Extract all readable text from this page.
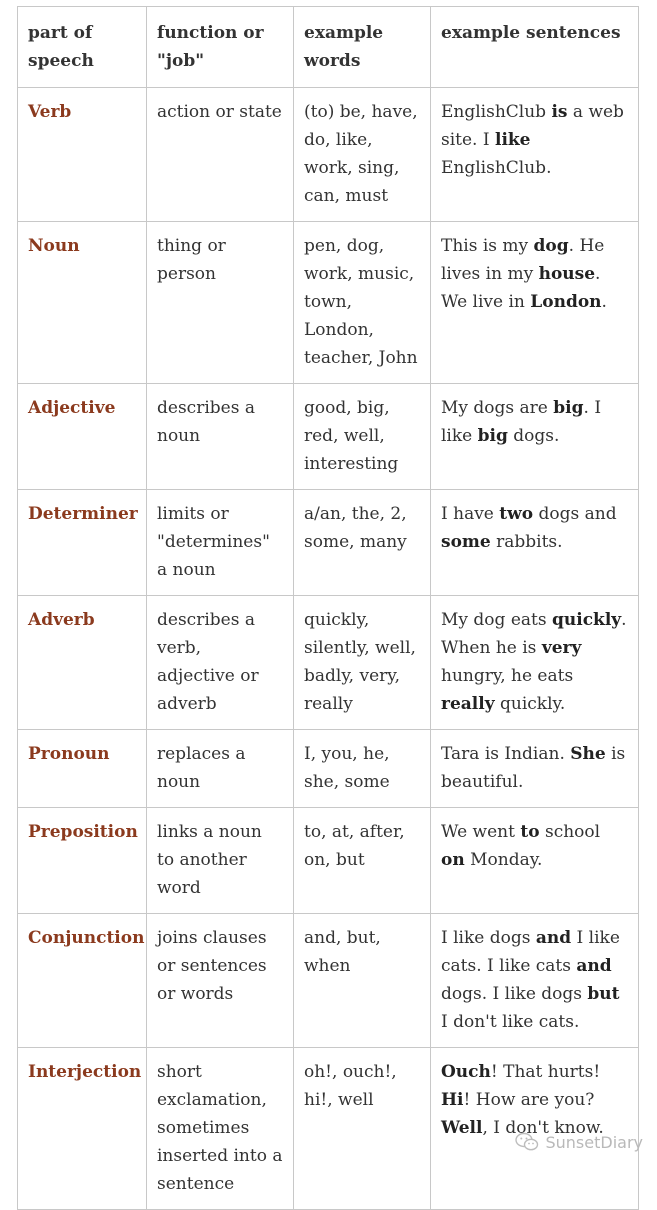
part of speech	function or "job"	example words	example sentences
Verb	action or state	(to) be, have, do, like, work, sing, can, must	EnglishClub is a web site. I like EnglishClub.
Noun	thing or person	pen, dog, work, music, town, London, teacher, John	This is my dog. He lives in my house. We live in London.
Adjective	describes a noun	good, big, red, well, interesting	My dogs are big. I like big dogs.
Determiner	limits or "determines" a noun	a/an, the, 2, some, many	I have two dogs and some rabbits.
Adverb	describes a verb, adjective or adverb	quickly, silently, well, badly, very, really	My dog eats quickly. When he is very hungry, he eats really quickly.
Pronoun	replaces a noun	I, you, he, she, some	Tara is Indian. She is beautiful.
Preposition	links a noun to another word	to, at, after, on, but	We went to school on Monday.
Conjunction	joins clauses or sentences or words	and, but, when	I like dogs and I like cats. I like cats and dogs. I like dogs but I don't like cats.
Interjection	short exclamation, sometimes inserted into a sentence	oh!, ouch!, hi!, well	Ouch! That hurts! Hi! How are you? Well, I don't know.
SunsetDiary
